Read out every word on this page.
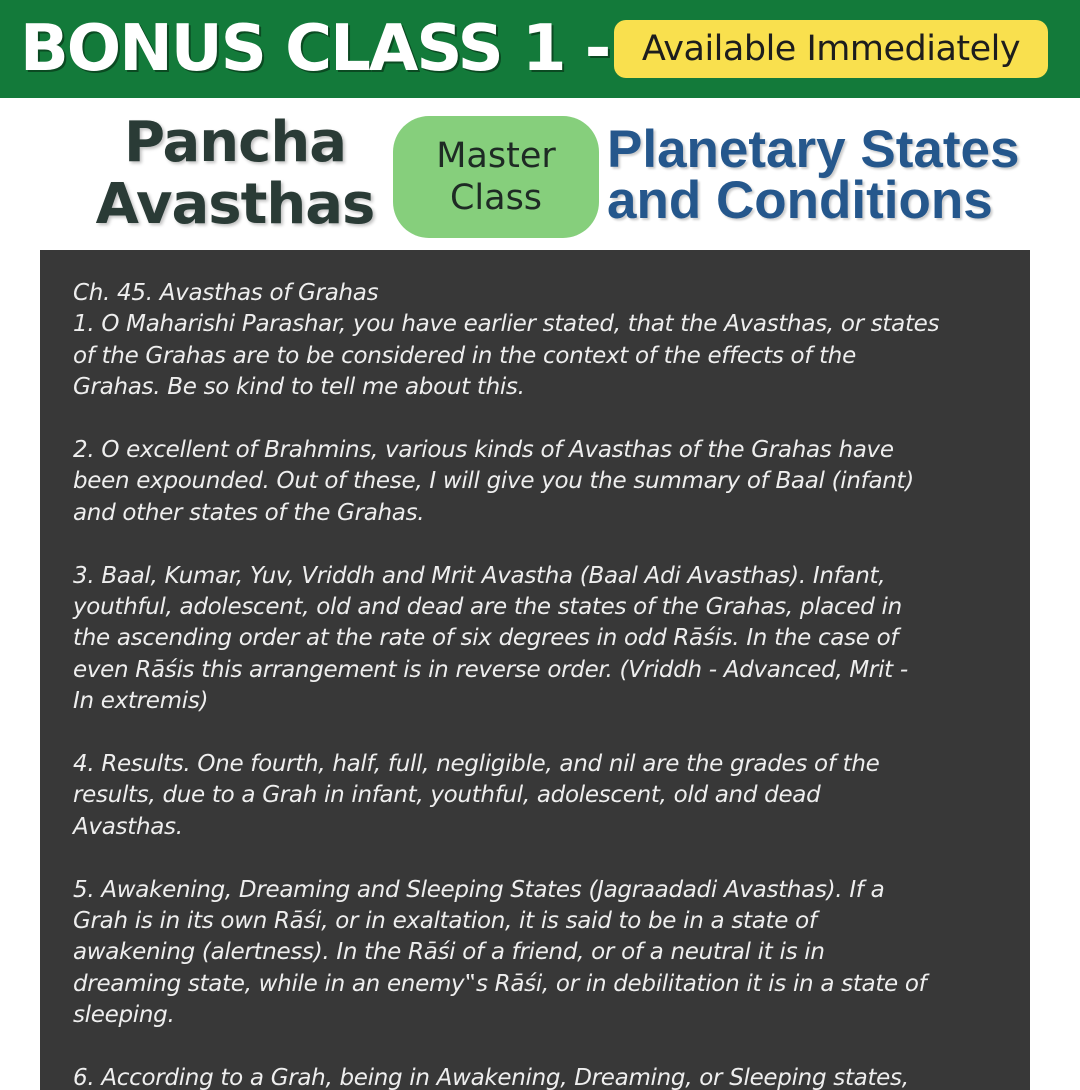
BONUS CLASS 1 - Available Immediately
Pancha
Avasthas
Master
Class
Planetary States
and Conditions

Ch. 45. Avasthas of Grahas

1. O Maharishi Parashar, you have earlier stated, that the Avasthas, or states
of the Grahas are to be considered in the context of the effects of the
Grahas. Be so kind to tell me about this.

2. O excellent of Brahmins, various kinds of Avasthas of the Grahas have
been expounded. Out of these, I will give you the summary of Baal (infant)
and other states of the Grahas.

3. Baal, Kumar, Yuv, Vriddh and Mrit Avastha (Baal Adi Avasthas). Infant,
youthful, adolescent, old and dead are the states of the Grahas, placed in
the ascending order at the rate of six degrees in odd Rāśis. In the case of
even Rāśis this arrangement is in reverse order. (Vriddh - Advanced, Mrit -
In extremis)

4. Results. One fourth, half, full, negligible, and nil are the grades of the
results, due to a Grah in infant, youthful, adolescent, old and dead
Avasthas.

5. Awakening, Dreaming and Sleeping States (Jagraadadi Avasthas). If a
Grah is in its own Rāśi, or in exaltation, it is said to be in a state of
awakening (alertness). In the Rāśi of a friend, or of a neutral it is in
dreaming state, while in an enemy‟s Rāśi, or in debilitation it is in a state of
sleeping.

6. According to a Grah, being in Awakening, Dreaming, or Sleeping states,
